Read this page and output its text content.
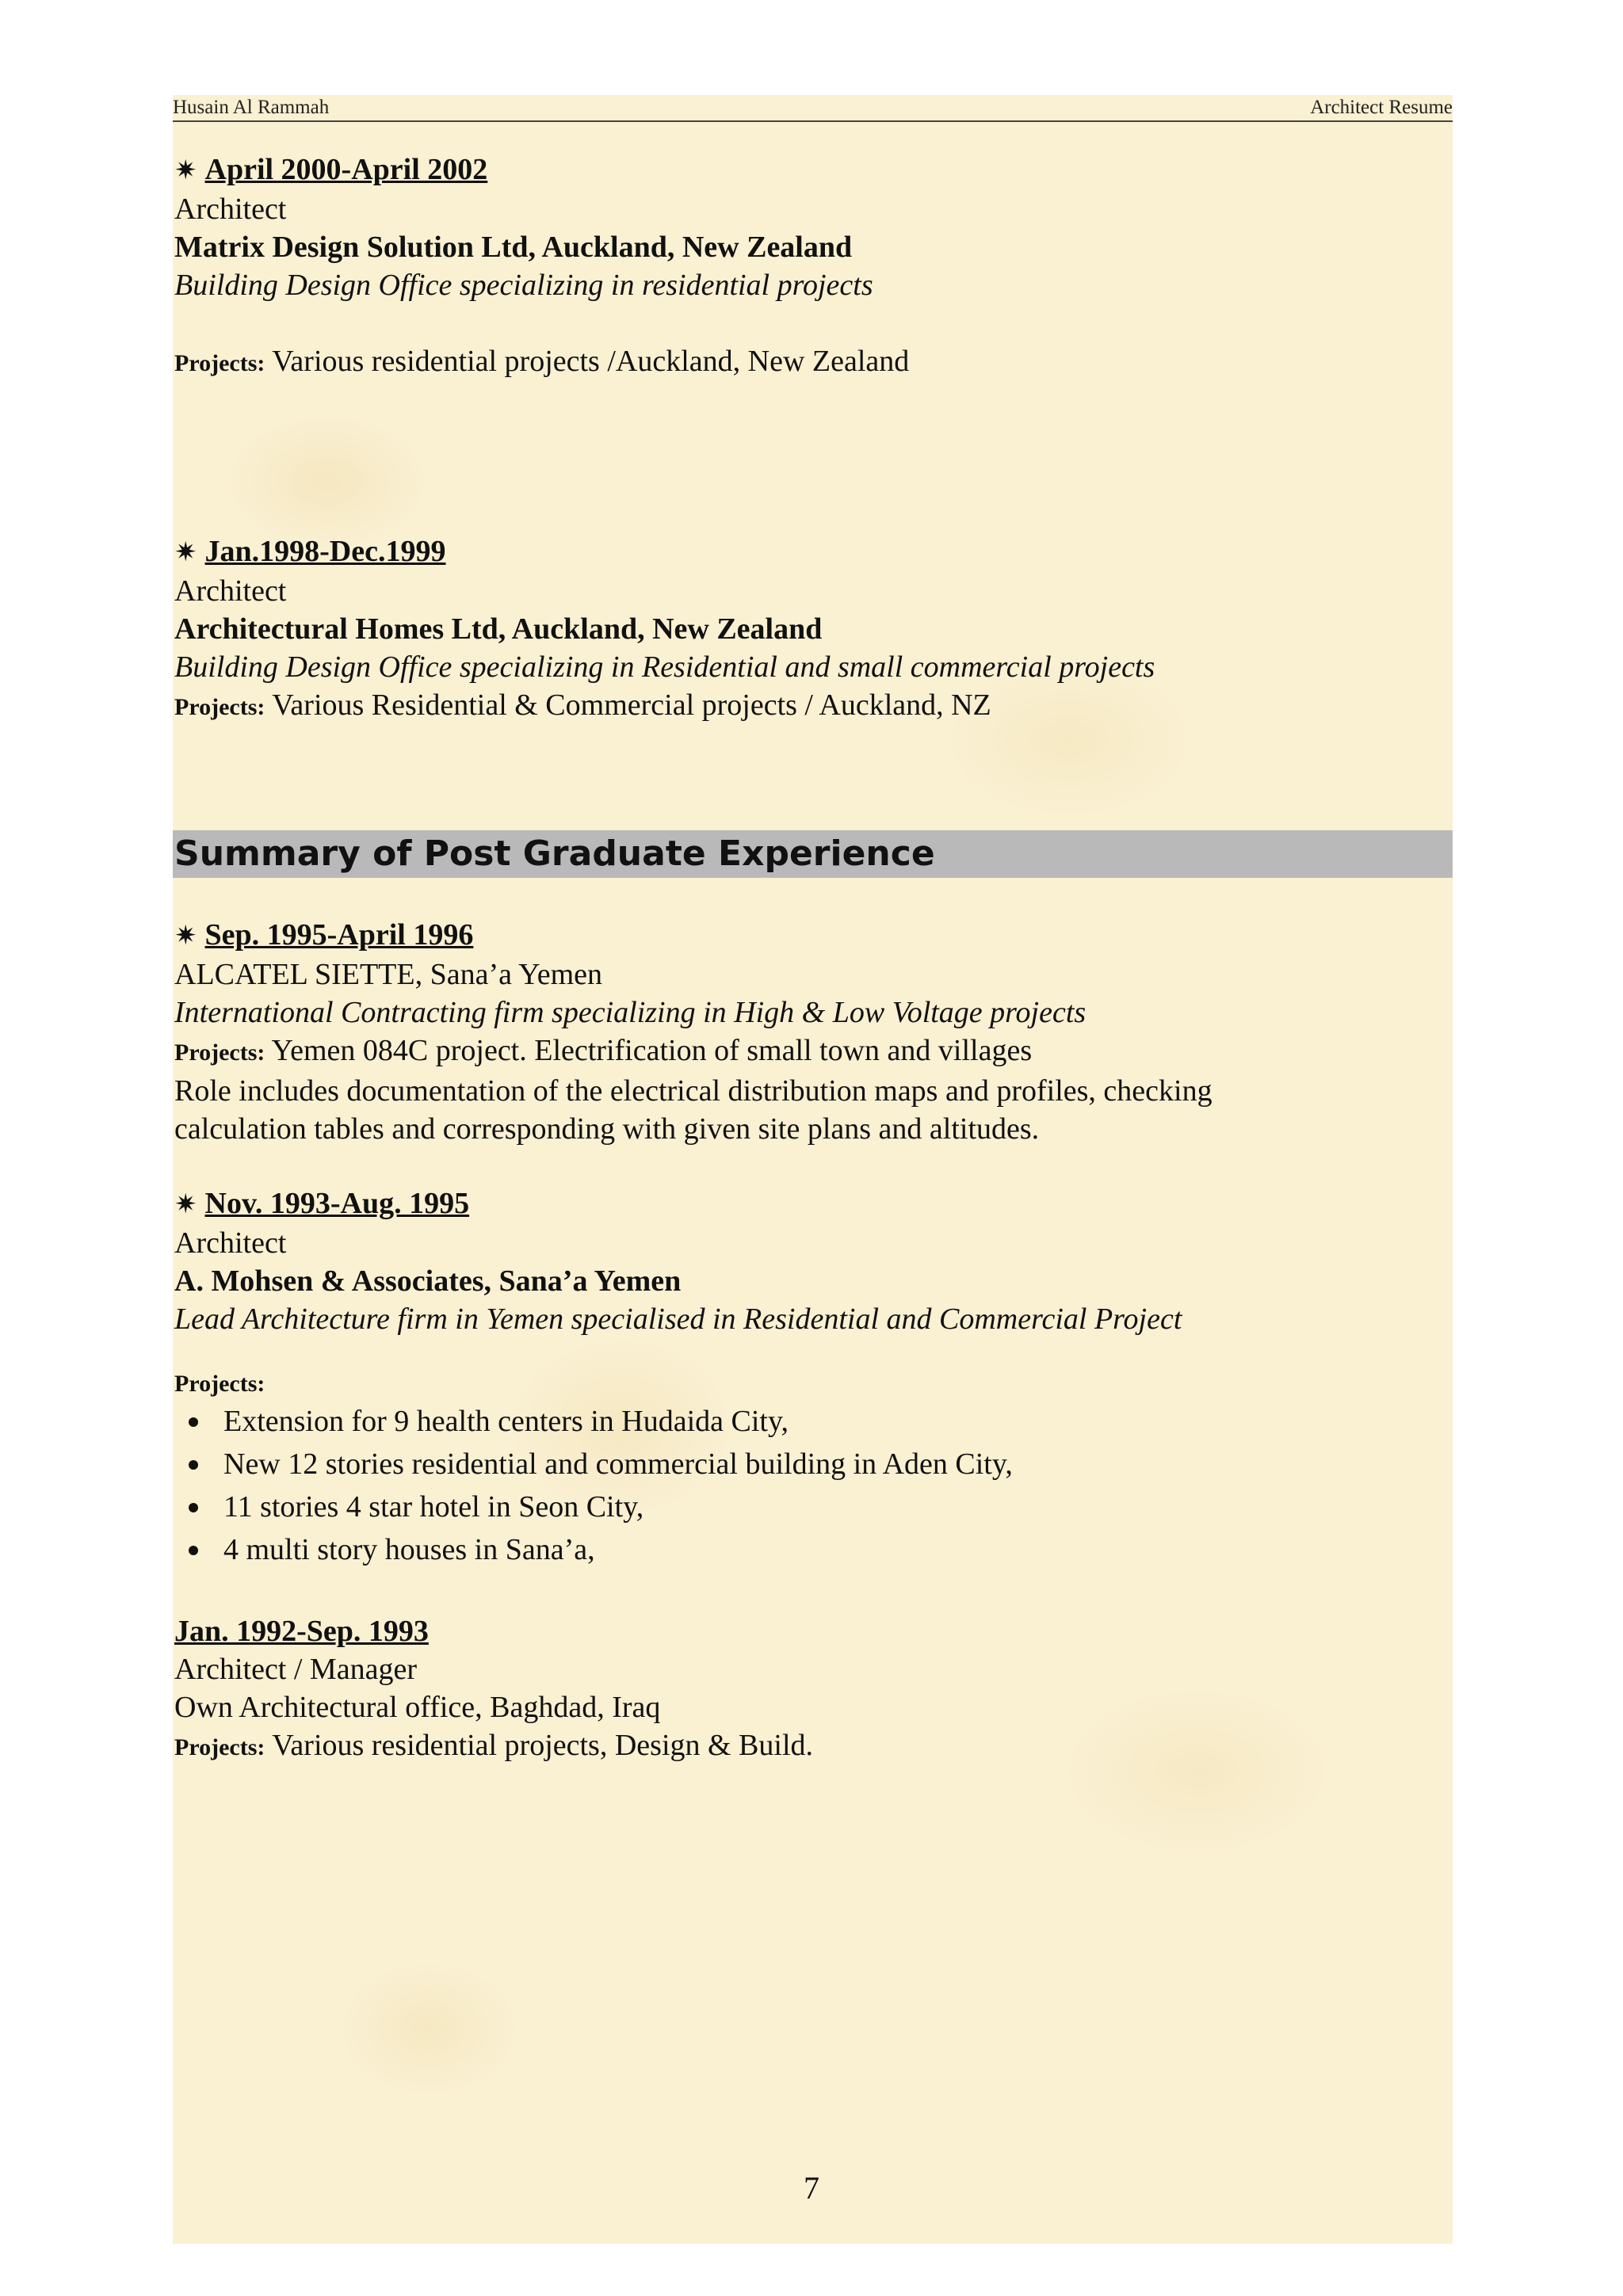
Husain Al Rammah	Architect Resume
✷ April 2000-April 2002
Architect
Matrix Design Solution Ltd, Auckland, New Zealand
Building Design Office specializing in residential projects
Projects: Various residential projects /Auckland, New Zealand
✷ Jan.1998-Dec.1999
Architect
Architectural Homes Ltd, Auckland, New Zealand
Building Design Office specializing in Residential and small commercial projects
Projects: Various Residential & Commercial projects / Auckland, NZ
Summary of Post Graduate Experience
✷ Sep. 1995-April 1996
ALCATEL SIETTE, Sana’a Yemen
International Contracting firm specializing in High & Low Voltage projects
Projects: Yemen 084C project. Electrification of small town and villages
Role includes documentation of the electrical distribution maps and profiles, checking
calculation tables and corresponding with given site plans and altitudes.
✷ Nov. 1993-Aug. 1995
Architect
A. Mohsen & Associates, Sana’a Yemen
Lead Architecture firm in Yemen specialised in Residential and Commercial Project
Projects:
Extension for 9 health centers in Hudaida City,
New 12 stories residential and commercial building in Aden City,
11 stories 4 star hotel in Seon City,
4 multi story houses in Sana’a,
Jan. 1992-Sep. 1993
Architect / Manager
Own Architectural office, Baghdad, Iraq
Projects: Various residential projects, Design & Build.
7
